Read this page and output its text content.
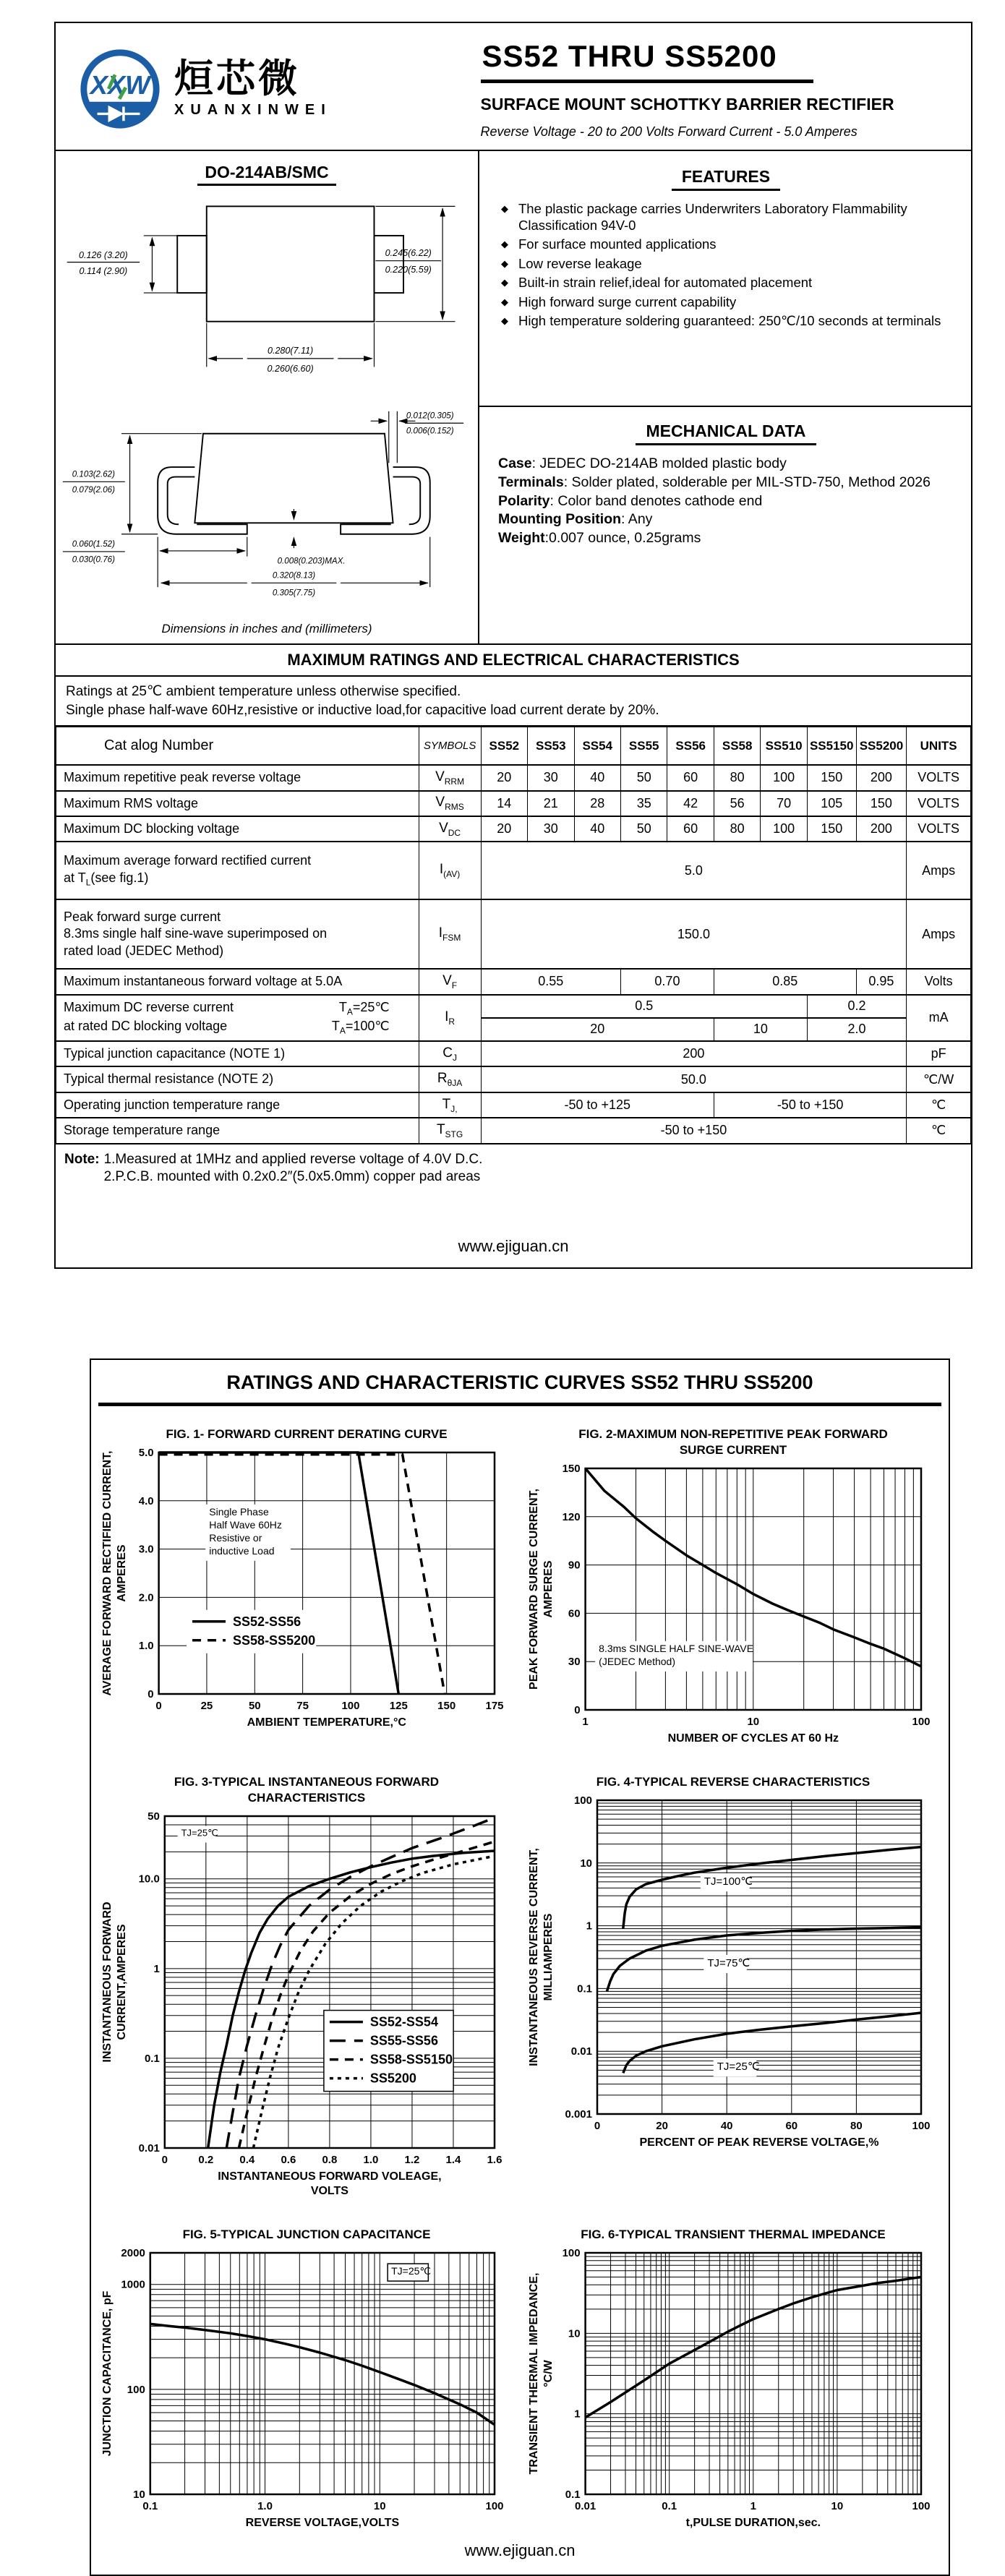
XXW 烜芯微
XUANXINWEI
SS52 THRU SS5200
SURFACE MOUNT SCHOTTKY BARRIER RECTIFIER
Reverse Voltage - 20 to 200 Volts Forward Current - 5.0 Amperes
DO-214AB/SMC
0.126 (3.20)
0.114 (2.90)
0.245(6.22)
0.220(5.59)
0.280(7.11)
0.260(6.60)

0.012(0.305)
0.006(0.152)
0.103(2.62)
0.079(2.06)
0.060(1.52)
0.030(0.76)	0.008(0.203)MAX.
0.320(8.13)
0.305(7.75)
Dimensions in inches and (millimeters)
FEATURES
◆ The plastic package carries Underwriters Laboratory Flammability Classification 94V-0
◆ For surface mounted applications
◆ Low reverse leakage
◆ Built-in strain relief,ideal for automated placement
◆ High forward surge current capability
◆ High temperature soldering guaranteed: 250℃/10 seconds at terminals
MECHANICAL DATA

Case: JEDEC DO-214AB molded plastic body

Terminals: Solder plated, solderable per MIL-STD-750, Method 2026

Polarity: Color band denotes cathode end

Mounting Position: Any

Weight:0.007 ounce, 0.25grams

MAXIMUM RATINGS AND ELECTRICAL CHARACTERISTICS
Ratings at 25℃ ambient temperature unless otherwise specified.
Single phase half-wave 60Hz,resistive or inductive load,for capacitive load current derate by 20%.
Cat alog Number	SYMBOLS	SS52	SS53	SS54	SS55	SS56	SS58	SS510	SS5150	SS5200	UNITS

Maximum repetitive peak reverse voltage	$V_{RRM}$	20	30	40	50	60	80	100	150	200	VOLTS

Maximum RMS voltage	$V_{RMS}$	14	21	28	35	42	56	70	105	150	VOLTS

Maximum DC blocking voltage	$V_{DC}$	20	30	40	50	60	80	100	150	200	VOLTS

Maximum average forward rectified current
at $T_L(see$ fig.1)	$I_{(AV)}$	5.0									Amps

Peak forward surge current
8.3ms single half sine-wave superimposed on
rated load (JEDEC Method)	$I_{FSM}$	150.0									Amps

Maximum instantaneous forward voltage at 5.0A	$V_F$	0.55			0.70		0.85			0.95	Volts

Maximum DC reverse current $T_A=25℃$
at rated DC blocking voltage $T_A=100℃$	$I_R$	0.5							0.2		mA
		20					10		2.0		

Typical junction capacitance (NOTE 1)	$C_J$	200									pF

Typical thermal resistance (NOTE 2)	$R_{\theta JA}$	50.0									℃/W

Operating junction temperature range	$T_{J,}$	-50 to +125					-50 to +150				℃

Storage temperature range	$T_{STG}$	-50 to +150									℃
Note: 1.Measured at 1MHz and applied reverse voltage of 4.0V D.C.
2.P.C.B. mounted with 0.2x0.2″(5.0x5.0mm) copper pad areas
www.ejiguan.cn
RATINGS AND CHARACTERISTIC CURVES SS52 THRU SS5200
FIG. 1- FORWARD CURRENT DERATING CURVE
0	25	50	75	100	125	150	175
0
1.0
2.0
3.0
4.0
5.0
AMBIENT TEMPERATURE,°C
AVERAGE FORWARD RECTIFIED CURRENT, AMPERES
Single Phase
Half Wave 60Hz
Resistive or
inductive Load
SS52-SS56
SS58-SS5200
FIG. 2-MAXIMUM NON-REPETITIVE PEAK FORWARD
SURGE CURRENT
1	10	100
0
30
60
90
120
150
NUMBER OF CYCLES AT 60 Hz
PEAK FORWARD SURGE CURRENT, AMPERES
8.3ms SINGLE HALF SINE-WAVE
(JEDEC Method)
FIG. 3-TYPICAL INSTANTANEOUS FORWARD
CHARACTERISTICS
0	0.2 0.4 0.6 0.8 1.0 1.2 1.4 1.6
0.01
0.1
1
10.0
50
INSTANTANEOUS FORWARD VOLEAGE,
VOLTS
INSTANTANEOUS FORWARD CURRENT,AMPERES
TJ=25℃
SS52-SS54
SS55-SS56
SS58-SS5150
SS5200
FIG. 4-TYPICAL REVERSE CHARACTERISTICS
0	20	40	60	80	100
0.001
0.01
0.1
1
10
100
PERCENT OF PEAK REVERSE VOLTAGE,%
INSTANTANEOUS REVERSE CURRENT, MILLIAMPERES
TJ=100℃
TJ=75℃
TJ=25℃
FIG. 5-TYPICAL JUNCTION CAPACITANCE
0.1	1.0	10	100
10
100
1000
2000
REVERSE VOLTAGE,VOLTS
JUNCTION CAPACITANCE, pF
TJ=25℃
FIG. 6-TYPICAL TRANSIENT THERMAL IMPEDANCE
0.01	0.1	1	10	100
0.1
1
10
100
t,PULSE DURATION,sec.
TRANSIENT THERMAL IMPEDANCE, °C/W
www.ejiguan.cn
